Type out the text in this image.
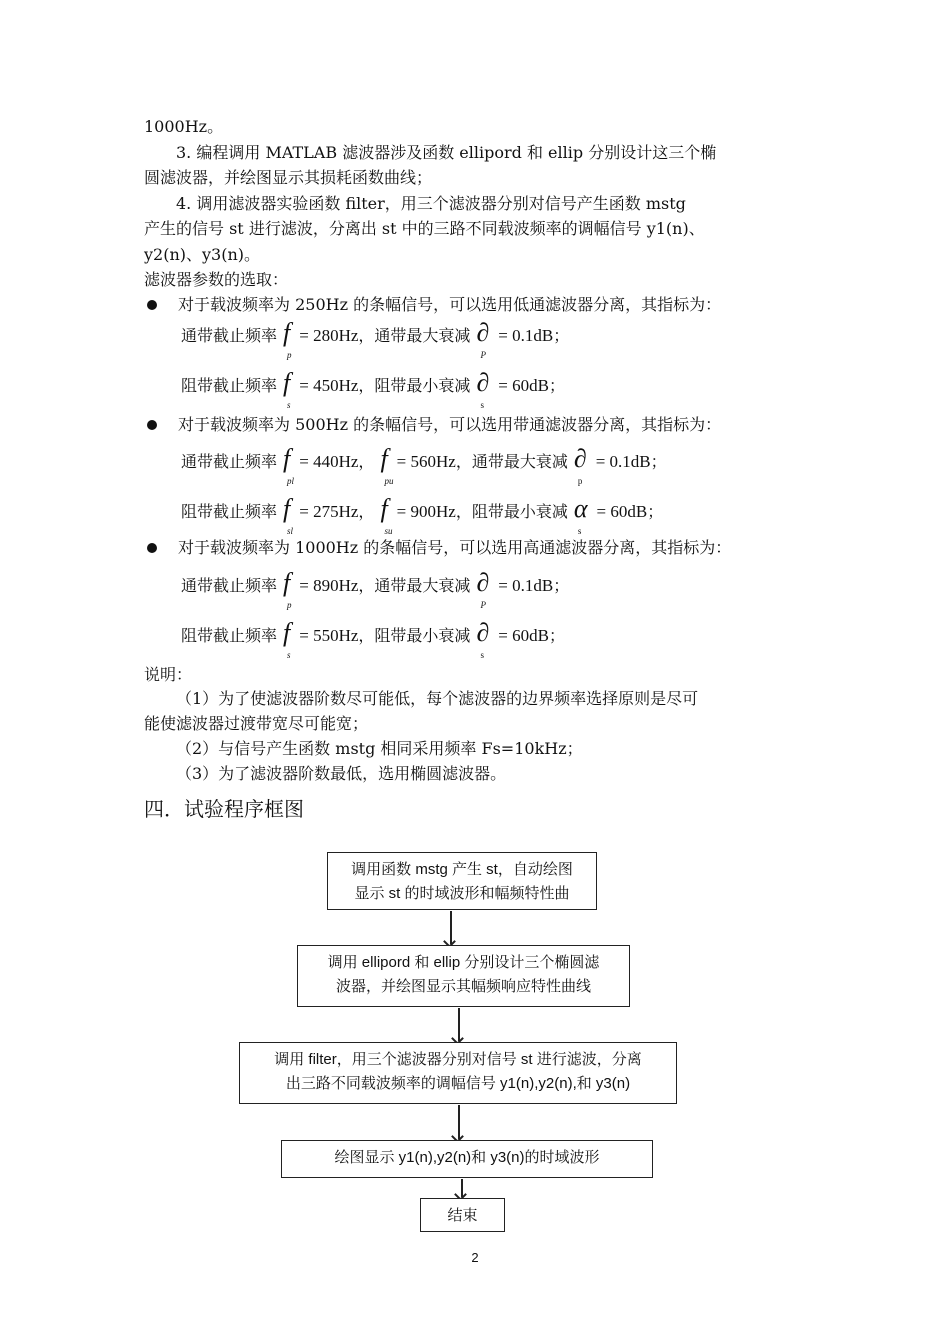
1000Hz。
3. 编程调用 MATLAB 滤波器涉及函数 ellipord 和 ellip 分别设计这三个椭
圆滤波器，并绘图显示其损耗函数曲线；
4. 调用滤波器实验函数 filter，用三个滤波器分别对信号产生函数 mstg
产生的信号 st 进行滤波，分离出 st 中的三路不同载波频率的调幅信号 y1(n)、
y2(n)、y3(n)。
滤波器参数的选取：
对于载波频率为 250Hz 的条幅信号，可以选用低通滤波器分离，其指标为：
通带截止频率 f
p
= 280Hz，通带最大衰减 ∂
P
= 0.1dB；
阻带截止频率 f
s
= 450Hz，阻带最小衰减 ∂
s
= 60dB；
对于载波频率为 500Hz 的条幅信号，可以选用带通滤波器分离，其指标为：
通带截止频率 f
pl
= 440Hz， f
pu
= 560Hz，通带最大衰减 ∂
p
= 0.1dB；
阻带截止频率 f
sl
= 275Hz， f
su
= 900Hz，阻带最小衰减 α
s
= 60dB；
对于载波频率为 1000Hz 的条幅信号，可以选用高通滤波器分离，其指标为：
通带截止频率 f
p
= 890Hz，通带最大衰减 ∂
P
= 0.1dB；
阻带截止频率 f
s
= 550Hz，阻带最小衰减 ∂
s
= 60dB；
说明：
（1）为了使滤波器阶数尽可能低，每个滤波器的边界频率选择原则是尽可
能使滤波器过渡带宽尽可能宽；
（2）与信号产生函数 mstg 相同采用频率 Fs=10kHz；
（3）为了滤波器阶数最低，选用椭圆滤波器。
四．试验程序框图
调用函数 mstg 产生 st，自动绘图
显示 st 的时域波形和幅频特性曲
调用 ellipord 和 ellip 分别设计三个椭圆滤
波器，并绘图显示其幅频响应特性曲线
调用 filter，用三个滤波器分别对信号 st 进行滤波，分离
出三路不同载波频率的调幅信号 y1(n),y2(n),和 y3(n)
绘图显示 y1(n),y2(n)和 y3(n)的时域波形
结束
2
